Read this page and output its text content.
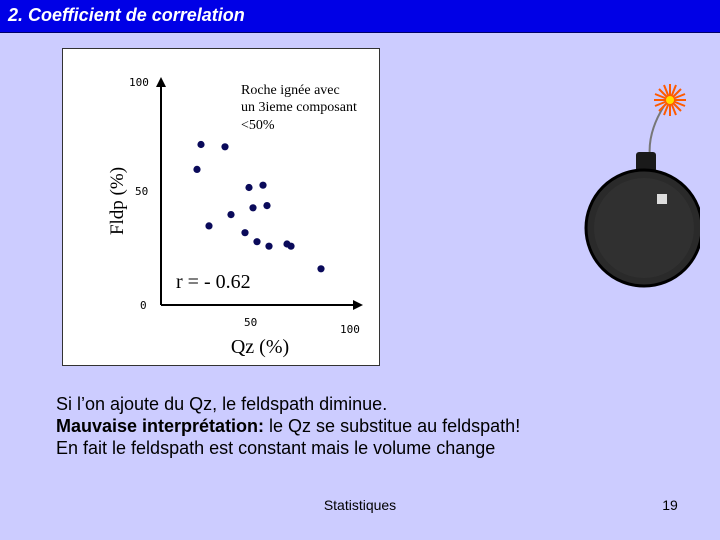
2. Coefficient de correlation
100
50
0
50
100
Fldp (%)
Qz (%)
Roche ignée avec
un 3ieme composant
<50%
r = - 0.62
Si l’on ajoute du Qz, le feldspath diminue.
Mauvaise interprétation: le Qz se substitue au feldspath!
En fait le feldspath est constant mais le volume change
Statistiques	19
